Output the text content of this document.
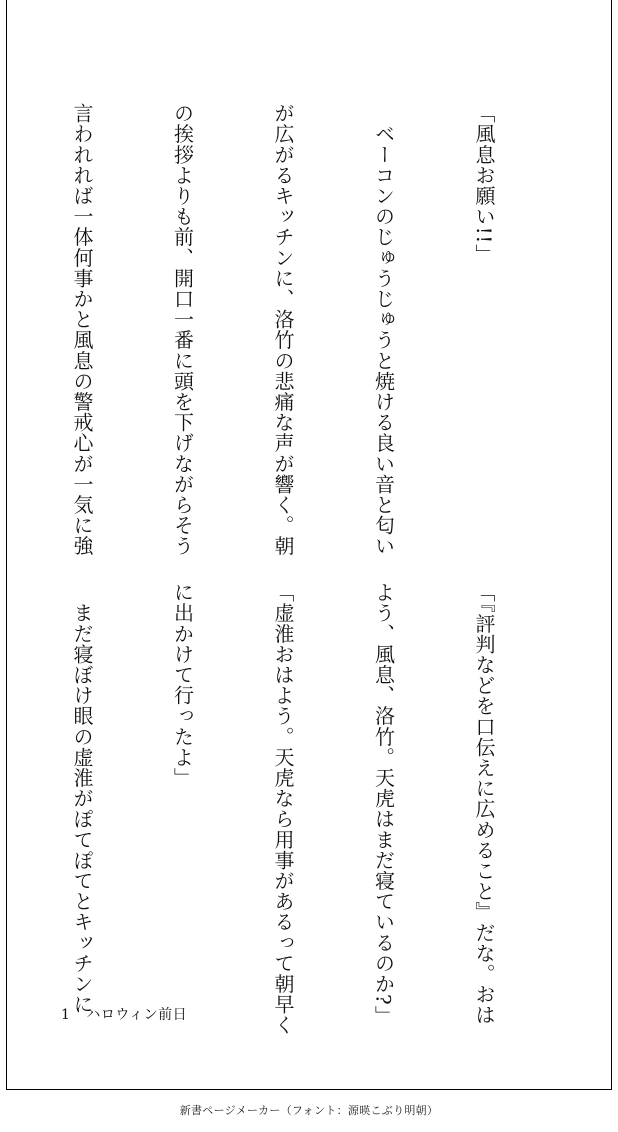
「風息お願い!!」

　ベーコンのじゅうじゅうと焼ける良い音と匂い

が広がるキッチンに、洛竹の悲痛な声が響く。朝

の挨拶よりも前、開口一番に頭を下げながらそう

言われれば一体何事かと風息の警戒心が一気に強

「『評判などを口伝えに広めること』だな。おは

よう、風息、洛竹。天虎はまだ寝ているのか?」

「虚淮おはよう。天虎なら用事があるって朝早く

に出かけて行ったよ」

　まだ寝ぼけ眼の虚淮がぽてぽてとキッチンに

1 ハロウィン前日
新書ページメーカー（フォント：源暎こぶり明朝）
